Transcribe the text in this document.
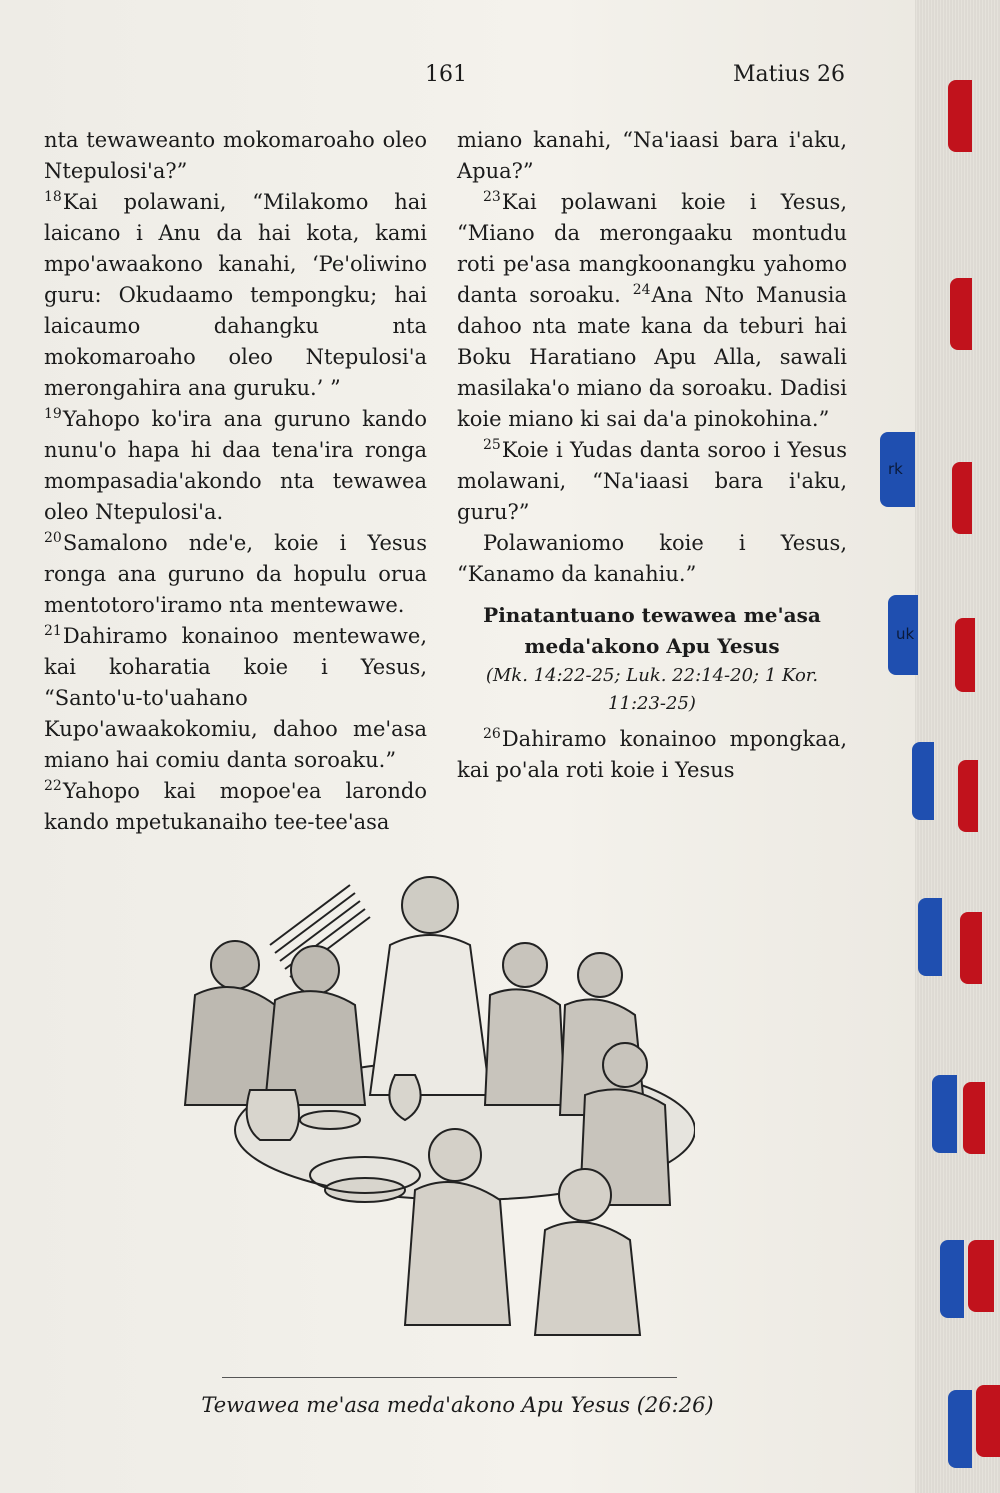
161	Matius 26

nta tewaweanto mokomaroaho oleo Ntepulosi'a?”

$^{18}$Kai polawani, “Milakomo hai laicano i Anu da hai kota, kami mpo'awaakono kanahi, ‘Pe'oliwino guru: Okudaamo tempongku; hai laicaumo dahangku nta mokomaroaho oleo Ntepulosi'a merongahira ana guruku.’ ”

$^{19}$Yahopo ko'ira ana guruno kando nunu'o hapa hi daa tena'ira ronga mompasadia'akondo nta tewawea oleo Ntepulosi'a.

$^{20}$Samalono nde'e, koie i Yesus ronga ana guruno da hopulu orua mentotoro'iramo nta mentewawe.

$^{21}$Dahiramo konainoo mentewawe, kai koharatia koie i Yesus, “Santo'u-to'uahano Kupo'awaakokomiu, dahoo me'asa miano hai comiu danta soroaku.”

$^{22}$Yahopo kai mopoe'ea larondo kando mpetukanaiho tee-tee'asa

miano kanahi, “Na'iaasi bara i'aku, Apua?”

$^{23}$Kai polawani koie i Yesus, “Miano da merongaaku montudu roti pe'asa mangkoonangku yahomo danta soroaku. $^{24}$Ana Nto Manusia dahoo nta mate kana da teburi hai Boku Haratiano Apu Alla, sawali masilaka'o miano da soroaku. Dadisi koie miano ki sai da'a pinokohina.”

$^{25}$Koie i Yudas danta soroo i Yesus molawani, “Na'iaasi bara i'aku, guru?”

Polawaniomo koie i Yesus, “Kanamo da kanahiu.”

Pinatantuano tewawea me'asa meda'akono Apu Yesus

(Mk. 14:22-25; Luk. 22:14-20; 1 Kor. 11:23-25)

$^{26}$Dahiramo konainoo mpongkaa, kai po'ala roti koie i Yesus

Tewawea me'asa meda'akono Apu Yesus (26:26)
rk
uk
